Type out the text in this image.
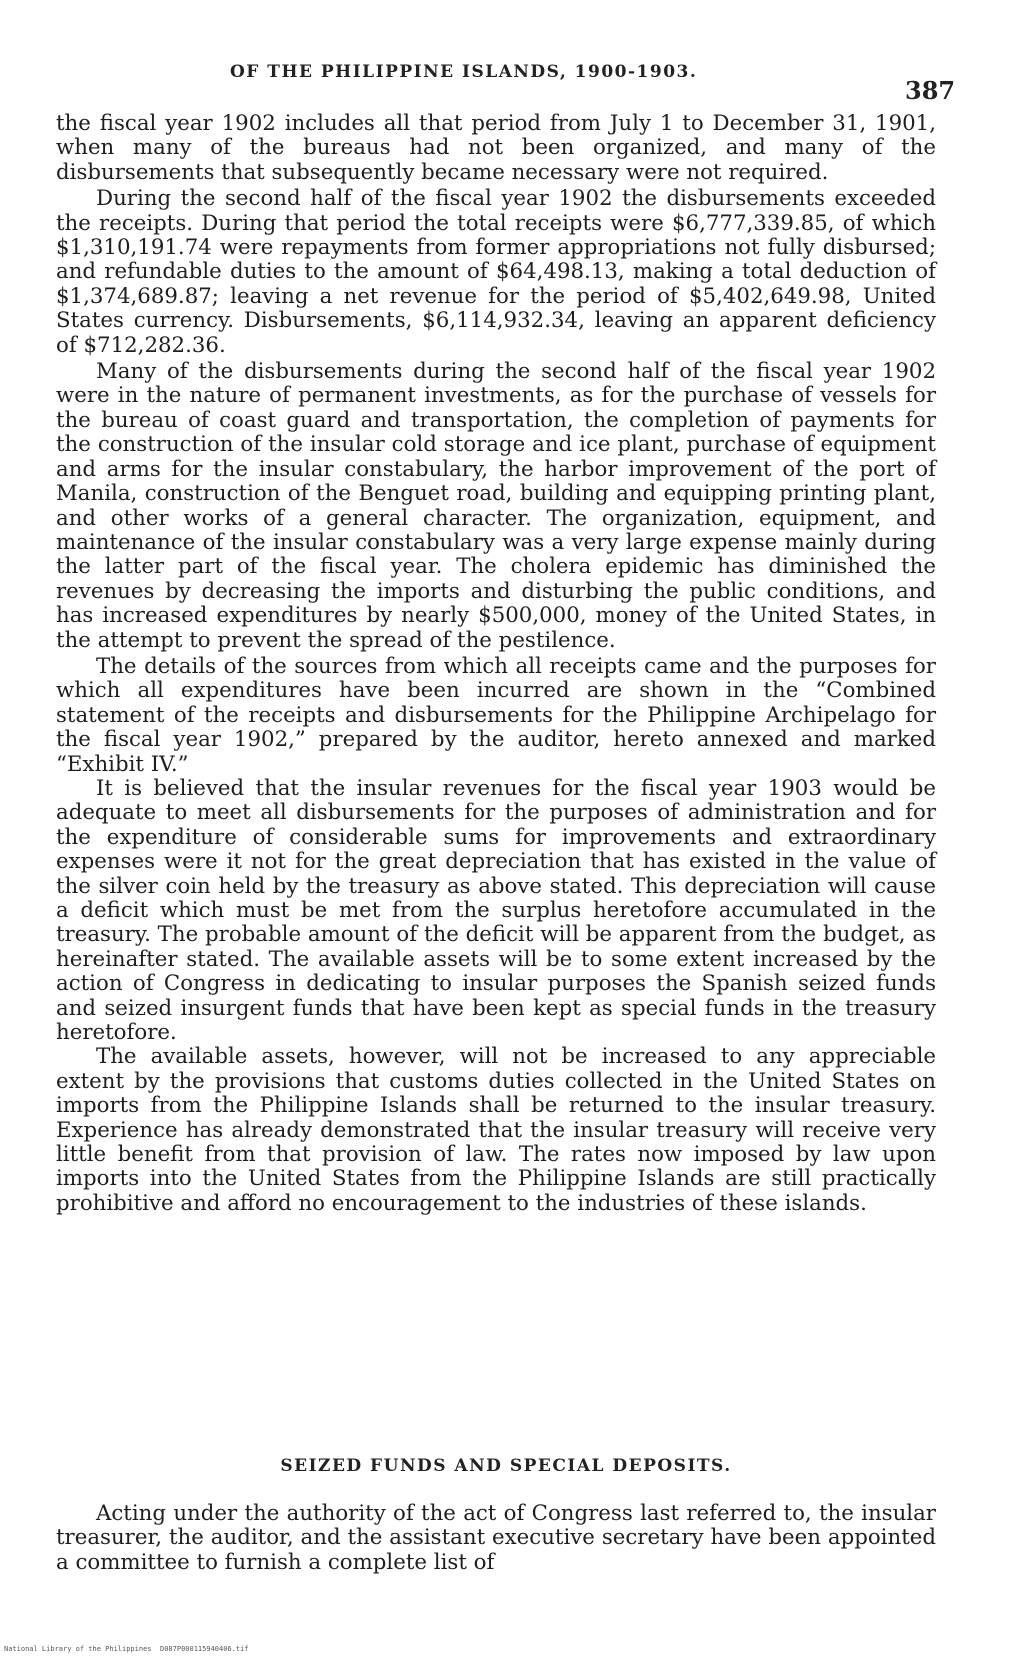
OF THE PHILIPPINE ISLANDS, 1900-1903.
387

the fiscal year 1902 includes all that period from July 1 to December 31, 1901, when many of the bureaus had not been organized, and many of the disbursements that subsequently became necessary were not required.

During the second half of the fiscal year 1902 the disbursements exceeded the receipts. During that period the total receipts were $6,777,339.85, of which $1,310,191.74 were repayments from former appropriations not fully disbursed; and refundable duties to the amount of $64,498.13, making a total deduction of $1,374,689.87; leaving a net revenue for the period of $5,402,649.98, United States currency. Disbursements, $6,114,932.34, leaving an apparent deficiency of $712,282.36.

Many of the disbursements during the second half of the fiscal year 1902 were in the nature of permanent investments, as for the purchase of vessels for the bureau of coast guard and transportation, the completion of payments for the construction of the insular cold storage and ice plant, purchase of equipment and arms for the insular constabulary, the harbor improvement of the port of Manila, construction of the Benguet road, building and equipping printing plant, and other works of a general character. The organization, equipment, and maintenance of the insular constabulary was a very large expense mainly during the latter part of the fiscal year. The cholera epidemic has diminished the revenues by decreasing the imports and disturbing the public conditions, and has increased expenditures by nearly $500,000, money of the United States, in the attempt to prevent the spread of the pestilence.

The details of the sources from which all receipts came and the purposes for which all expenditures have been incurred are shown in the “Combined statement of the receipts and disbursements for the Philippine Archipelago for the fiscal year 1902,” prepared by the auditor, hereto annexed and marked “Exhibit IV.”

It is believed that the insular revenues for the fiscal year 1903 would be adequate to meet all disbursements for the purposes of administration and for the expenditure of considerable sums for improvements and extraordinary expenses were it not for the great depreciation that has existed in the value of the silver coin held by the treasury as above stated. This depreciation will cause a deficit which must be met from the surplus heretofore accumulated in the treasury. The probable amount of the deficit will be apparent from the budget, as hereinafter stated. The available assets will be to some extent increased by the action of Congress in dedicating to insular purposes the Spanish seized funds and seized insurgent funds that have been kept as special funds in the treasury heretofore.

The available assets, however, will not be increased to any appreciable extent by the provisions that customs duties collected in the United States on imports from the Philippine Islands shall be returned to the insular treasury. Experience has already demonstrated that the insular treasury will receive very little benefit from that provision of law. The rates now imposed by law upon imports into the United States from the Philippine Islands are still practically prohibitive and afford no encouragement to the industries of these islands.

SEIZED FUNDS AND SPECIAL DEPOSITS.

Acting under the authority of the act of Congress last referred to, the insular treasurer, the auditor, and the assistant executive secretary have been appointed a committee to furnish a complete list of

National Library of the Philippines D087P000115940406.tif
